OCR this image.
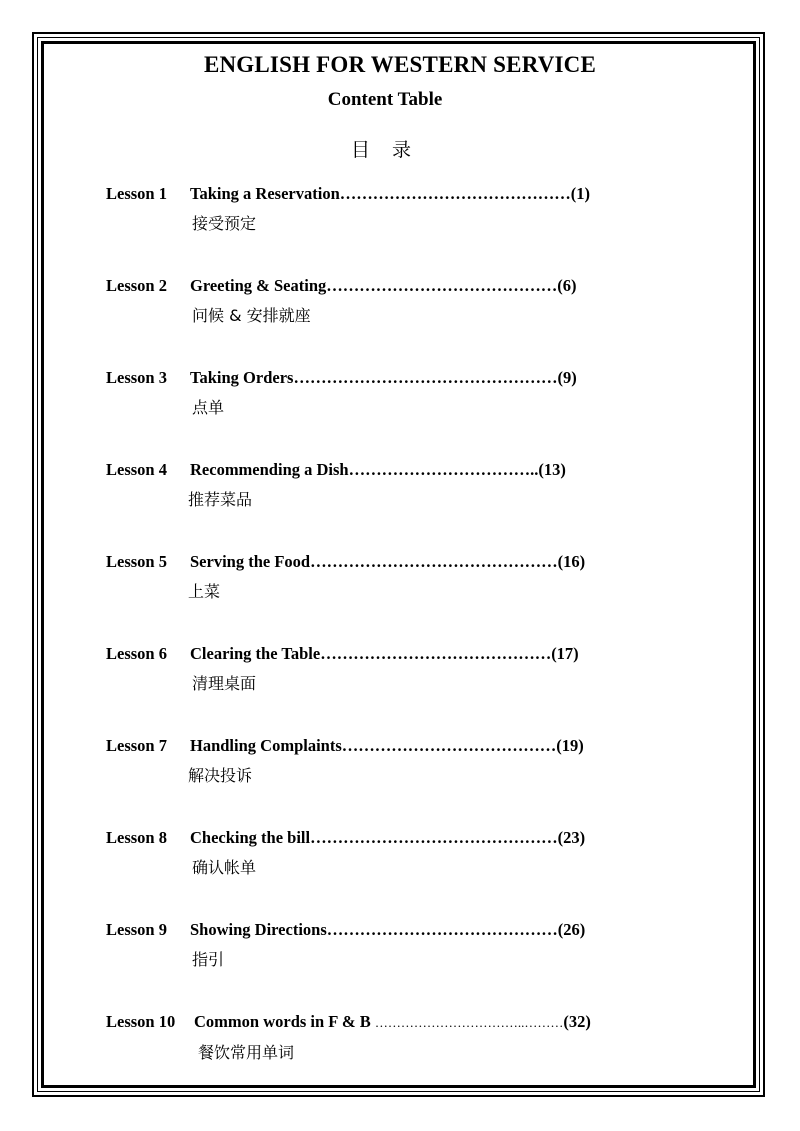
ENGLISH FOR WESTERN SERVICE
Content Table
目 录
Lesson 1 Taking a Reservation……………………………………(1)
接受预定
Lesson 2 Greeting & Seating……………………………………(6)
问候 & 安排就座
Lesson 3 Taking Orders…………………………………………(9)
点单
Lesson 4 Recommending a Dish……………………………..(13)
推荐菜品
Lesson 5 Serving the Food………………………………………(16)
上菜
Lesson 6 Clearing the Table……………………………………(17)
清理桌面
Lesson 7 Handling Complaints…………………………………(19)
解决投诉
Lesson 8 Checking the bill………………………………………(23)
确认帐单
Lesson 9 Showing Directions……………………………………(26)
指引
Lesson 10 Common words in F & B ……………………………..………(32)
餐饮常用单词
